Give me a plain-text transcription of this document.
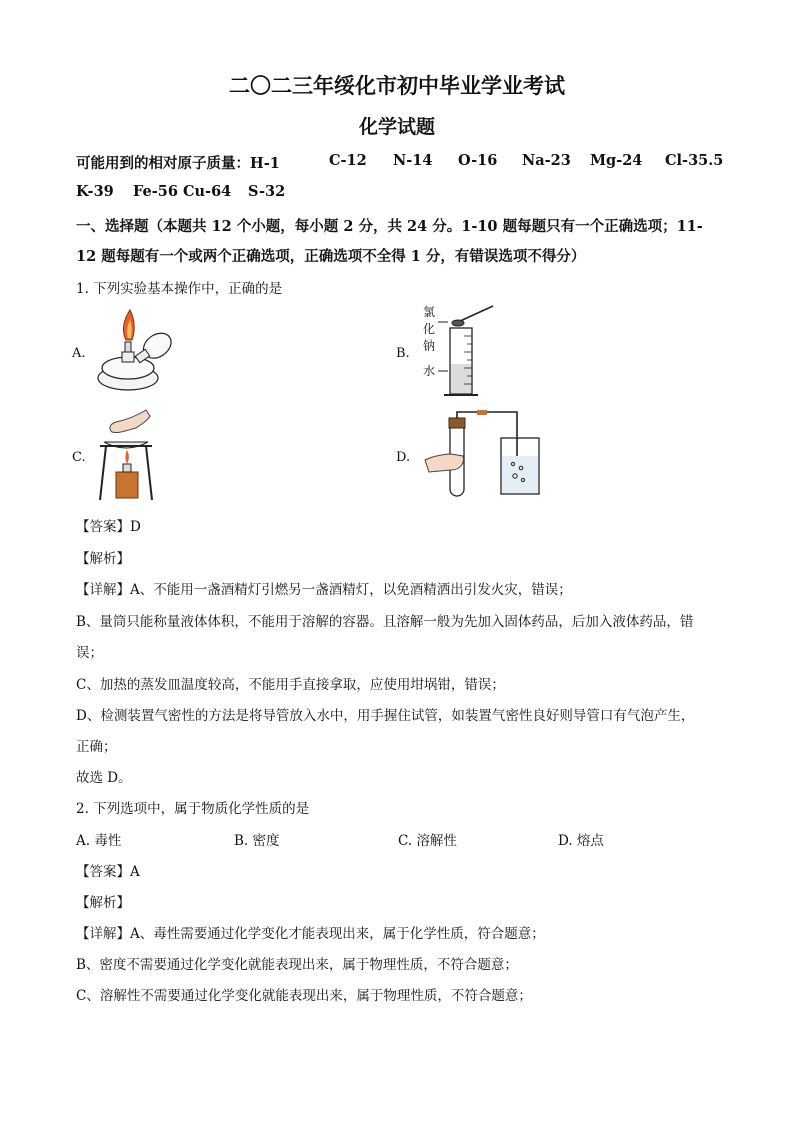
二〇二三年绥化市初中毕业学业考试
化学试题
可能用到的相对原子质量：H-1	C-12 N-14 O-16 Na-23 Mg-24 Cl-35.5
K-39 Fe-56 Cu-64 S-32
一、选择题（本题共 12 个小题，每小题 2 分，共 24 分。1-10 题每题只有一个正确选项；11-
12 题每题有一个或两个正确选项，正确选项不全得 1 分，有错误选项不得分）
1. 下列实验基本操作中，正确的是
A.	B.
C.	D.
氯
化
钠
水
【答案】D
【解析】
【详解】A、不能用一盏酒精灯引燃另一盏酒精灯，以免酒精洒出引发火灾，错误；
B、量筒只能称量液体体积，不能用于溶解的容器。且溶解一般为先加入固体药品，后加入液体药品，错
误；
C、加热的蒸发皿温度较高，不能用手直接拿取，应使用坩埚钳，错误；
D、检测装置气密性的方法是将导管放入水中，用手握住试管，如装置气密性良好则导管口有气泡产生，
正确；
故选 D。
2. 下列选项中，属于物质化学性质的是
A. 毒性	B. 密度	C. 溶解性	D. 熔点
【答案】A
【解析】
【详解】A、毒性需要通过化学变化才能表现出来，属于化学性质，符合题意；
B、密度不需要通过化学变化就能表现出来，属于物理性质，不符合题意；
C、溶解性不需要通过化学变化就能表现出来，属于物理性质，不符合题意；
